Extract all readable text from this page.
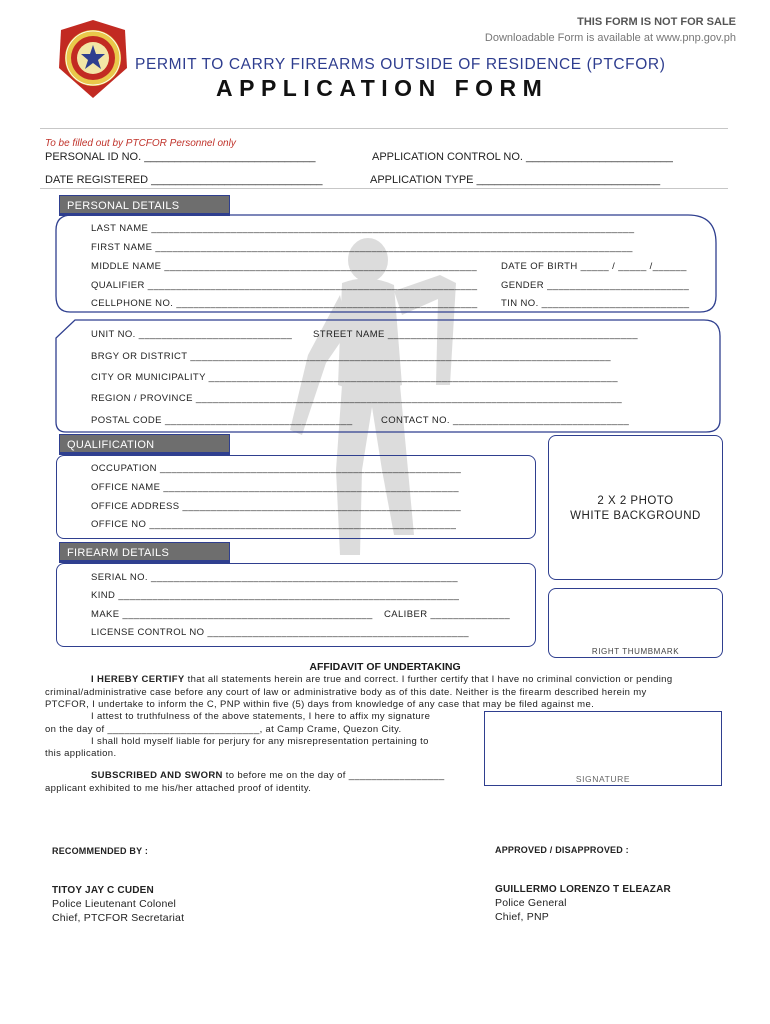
THIS FORM IS NOT FOR SALE
Downloadable Form is available at www.pnp.gov.ph
PERMIT TO CARRY FIREARMS OUTSIDE OF RESIDENCE (PTCFOR)
APPLICATION FORM
To be filled out by PTCFOR Personnel only
PERSONAL ID NO. ____________________________	APPLICATION CONTROL NO. ________________________
DATE REGISTERED ____________________________	APPLICATION TYPE ______________________________
PERSONAL DETAILS
LAST NAME _____________________________________________________________________________________
FIRST NAME ____________________________________________________________________________________
MIDDLE NAME _______________________________________________________	DATE OF BIRTH _____ / _____ /______
QUALIFIER __________________________________________________________ GENDER _________________________
CELLPHONE NO. _____________________________________________________ TIN NO. __________________________
UNIT NO. ___________________________ STREET NAME ____________________________________________
BRGY OR DISTRICT __________________________________________________________________________
CITY OR MUNICIPALITY ________________________________________________________________________
REGION / PROVINCE ___________________________________________________________________________
POSTAL CODE _________________________________	CONTACT NO. _______________________________
QUALIFICATION
OCCUPATION _____________________________________________________
OFFICE NAME ____________________________________________________
OFFICE ADDRESS _________________________________________________
OFFICE NO ______________________________________________________
2 X 2 PHOTO
WHITE BACKGROUND
FIREARM DETAILS
SERIAL NO. ______________________________________________________
KIND ____________________________________________________________
MAKE ____________________________________________ CALIBER ______________
LICENSE CONTROL NO ______________________________________________
RIGHT THUMBMARK
AFFIDAVIT OF UNDERTAKING
I HEREBY CERTIFY that all statements herein are true and correct. I further certify that I have no criminal conviction or pending
criminal/administrative case before any court of law or administrative body as of this date. Neither is the firearm described herein my
PTCFOR, I undertake to inform the C, PNP within five (5) days from knowledge of any case that may be filed against me.
I attest to truthfulness of the above statements, I here to affix my signature
on the day of ___________________________, at Camp Crame, Quezon City.
I shall hold myself liable for perjury for any misrepresentation pertaining to
this application.
SUBSCRIBED AND SWORN to before me on the day of _________________
applicant exhibited to me his/her attached proof of identity.
SIGNATURE
RECOMMENDED BY :	APPROVED / DISAPPROVED :
TITOY JAY C CUDEN
Police Lieutenant Colonel
Chief, PTCFOR Secretariat
GUILLERMO LORENZO T ELEAZAR
Police General
Chief, PNP
